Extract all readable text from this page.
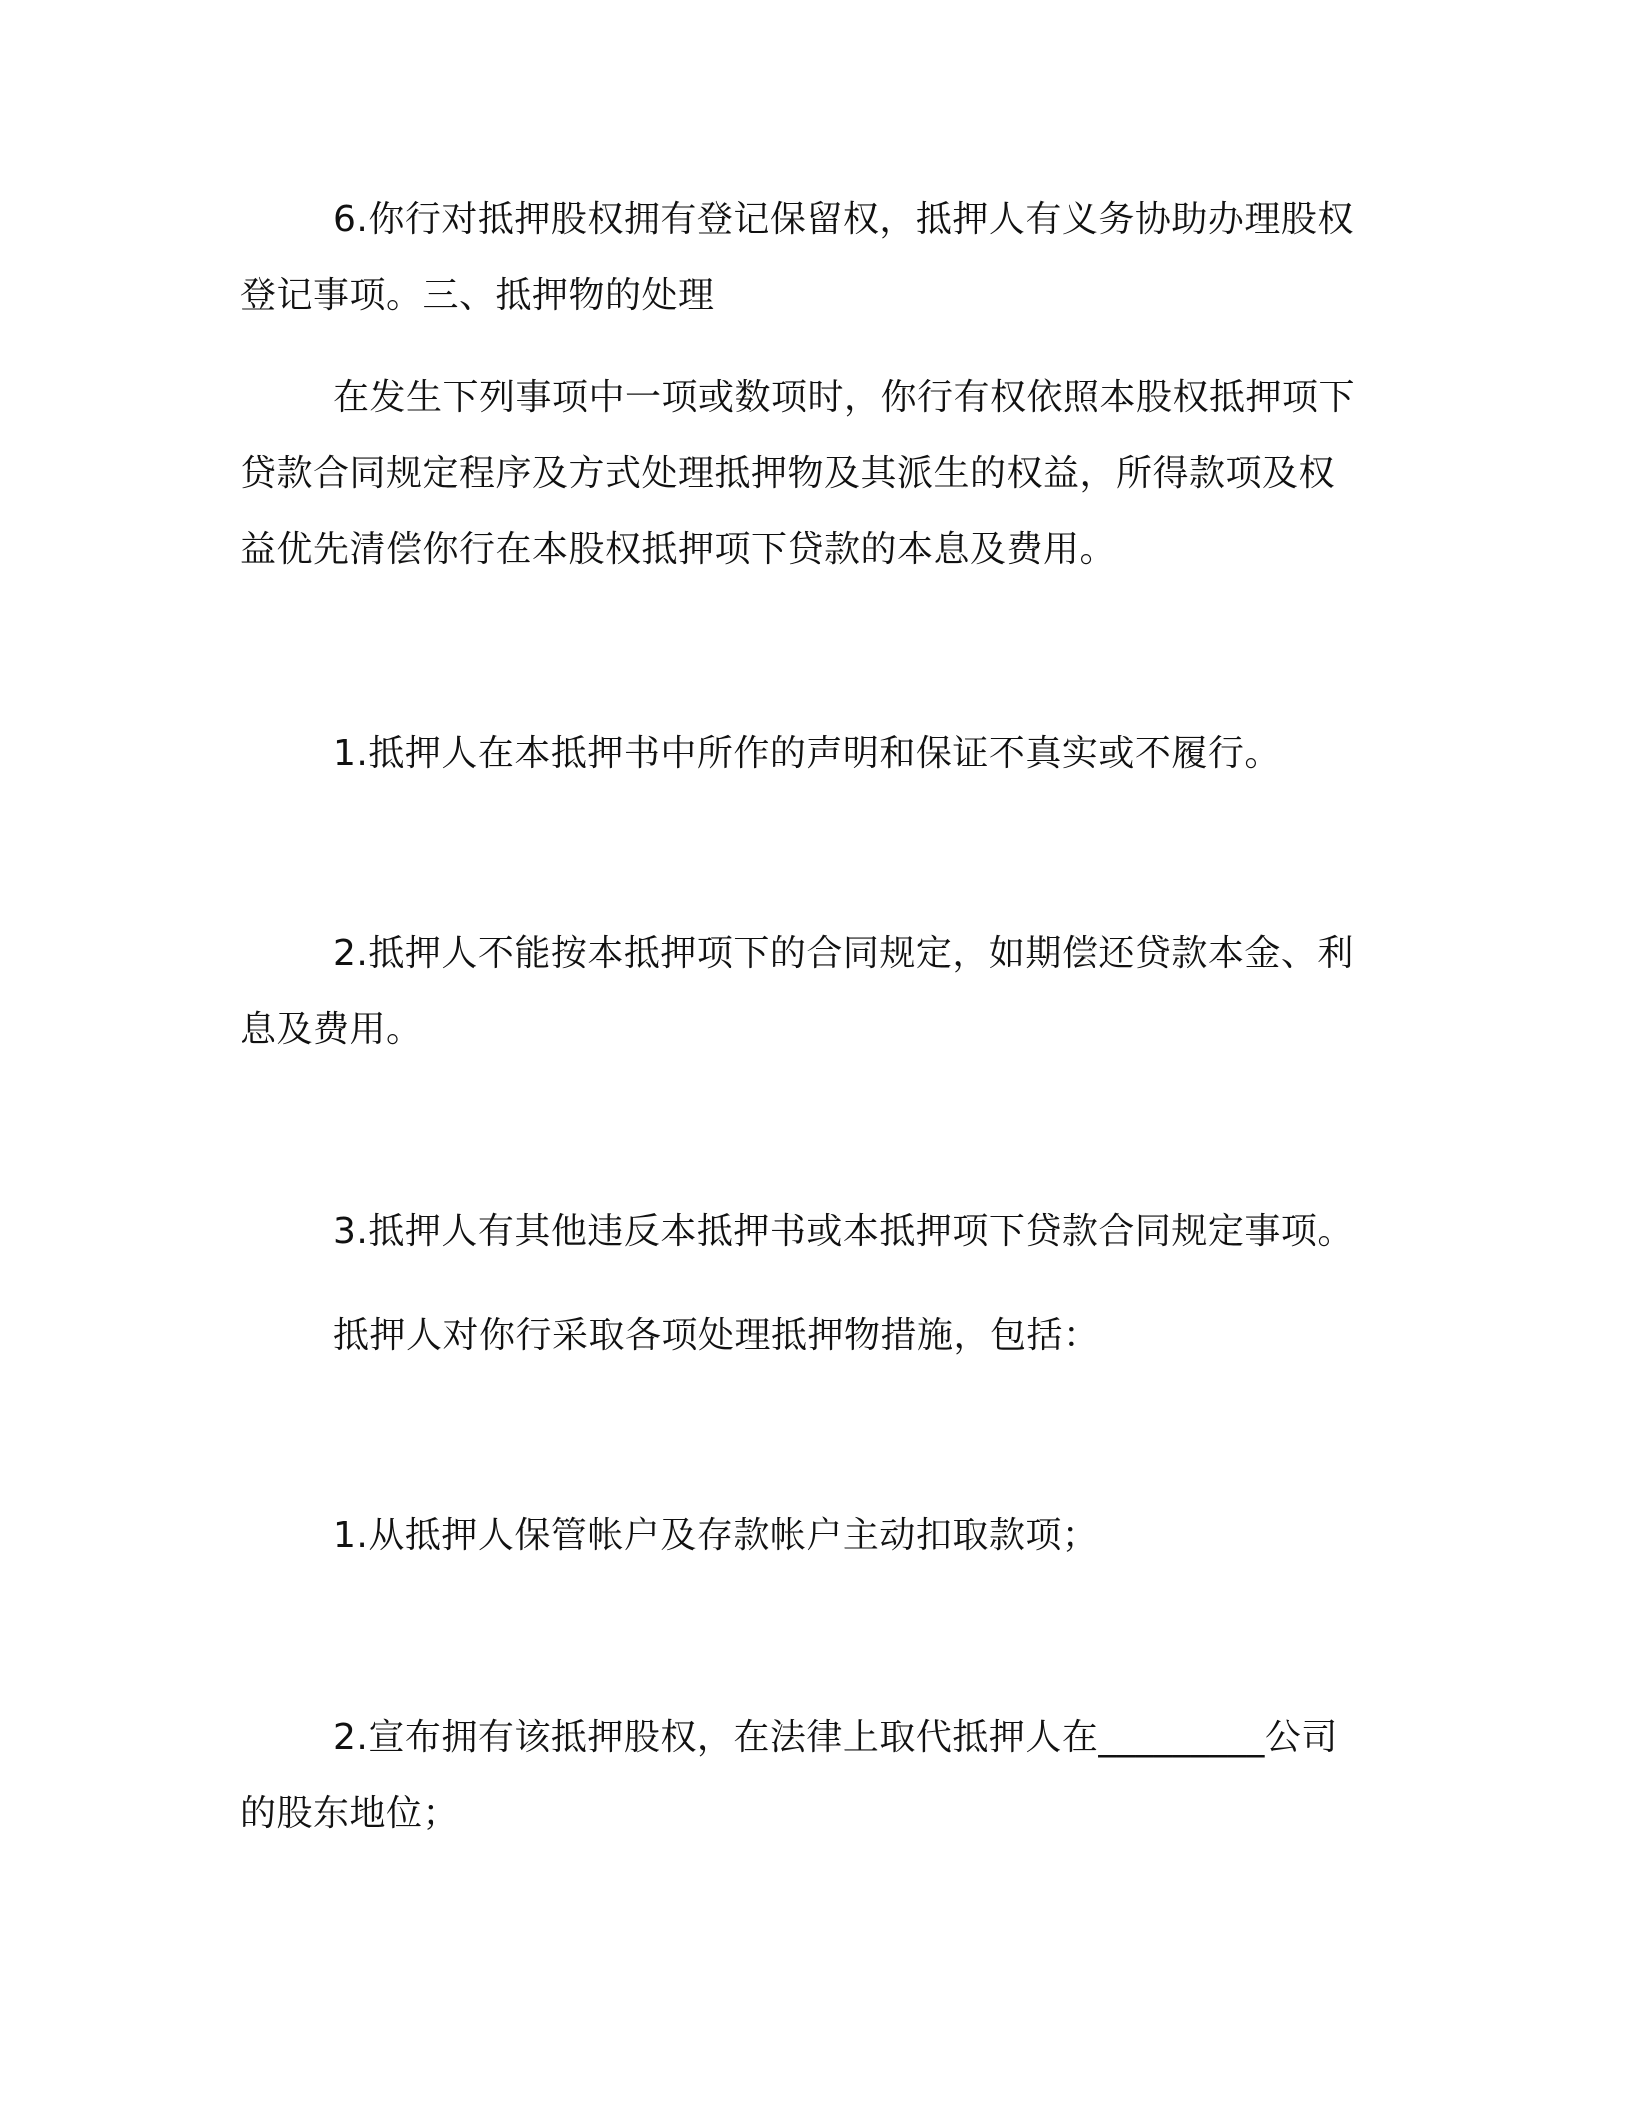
6.你行对抵押股权拥有登记保留权，抵押人有义务协助办理股权
登记事项。三、抵押物的处理
在发生下列事项中一项或数项时，你行有权依照本股权抵押项下
贷款合同规定程序及方式处理抵押物及其派生的权益，所得款项及权
益优先清偿你行在本股权抵押项下贷款的本息及费用。
1.抵押人在本抵押书中所作的声明和保证不真实或不履行。
2.抵押人不能按本抵押项下的合同规定，如期偿还贷款本金、利
息及费用。
3.抵押人有其他违反本抵押书或本抵押项下贷款合同规定事项。
抵押人对你行采取各项处理抵押物措施，包括：
1.从抵押人保管帐户及存款帐户主动扣取款项；
2.宣布拥有该抵押股权，在法律上取代抵押人在_________公司
的股东地位；
